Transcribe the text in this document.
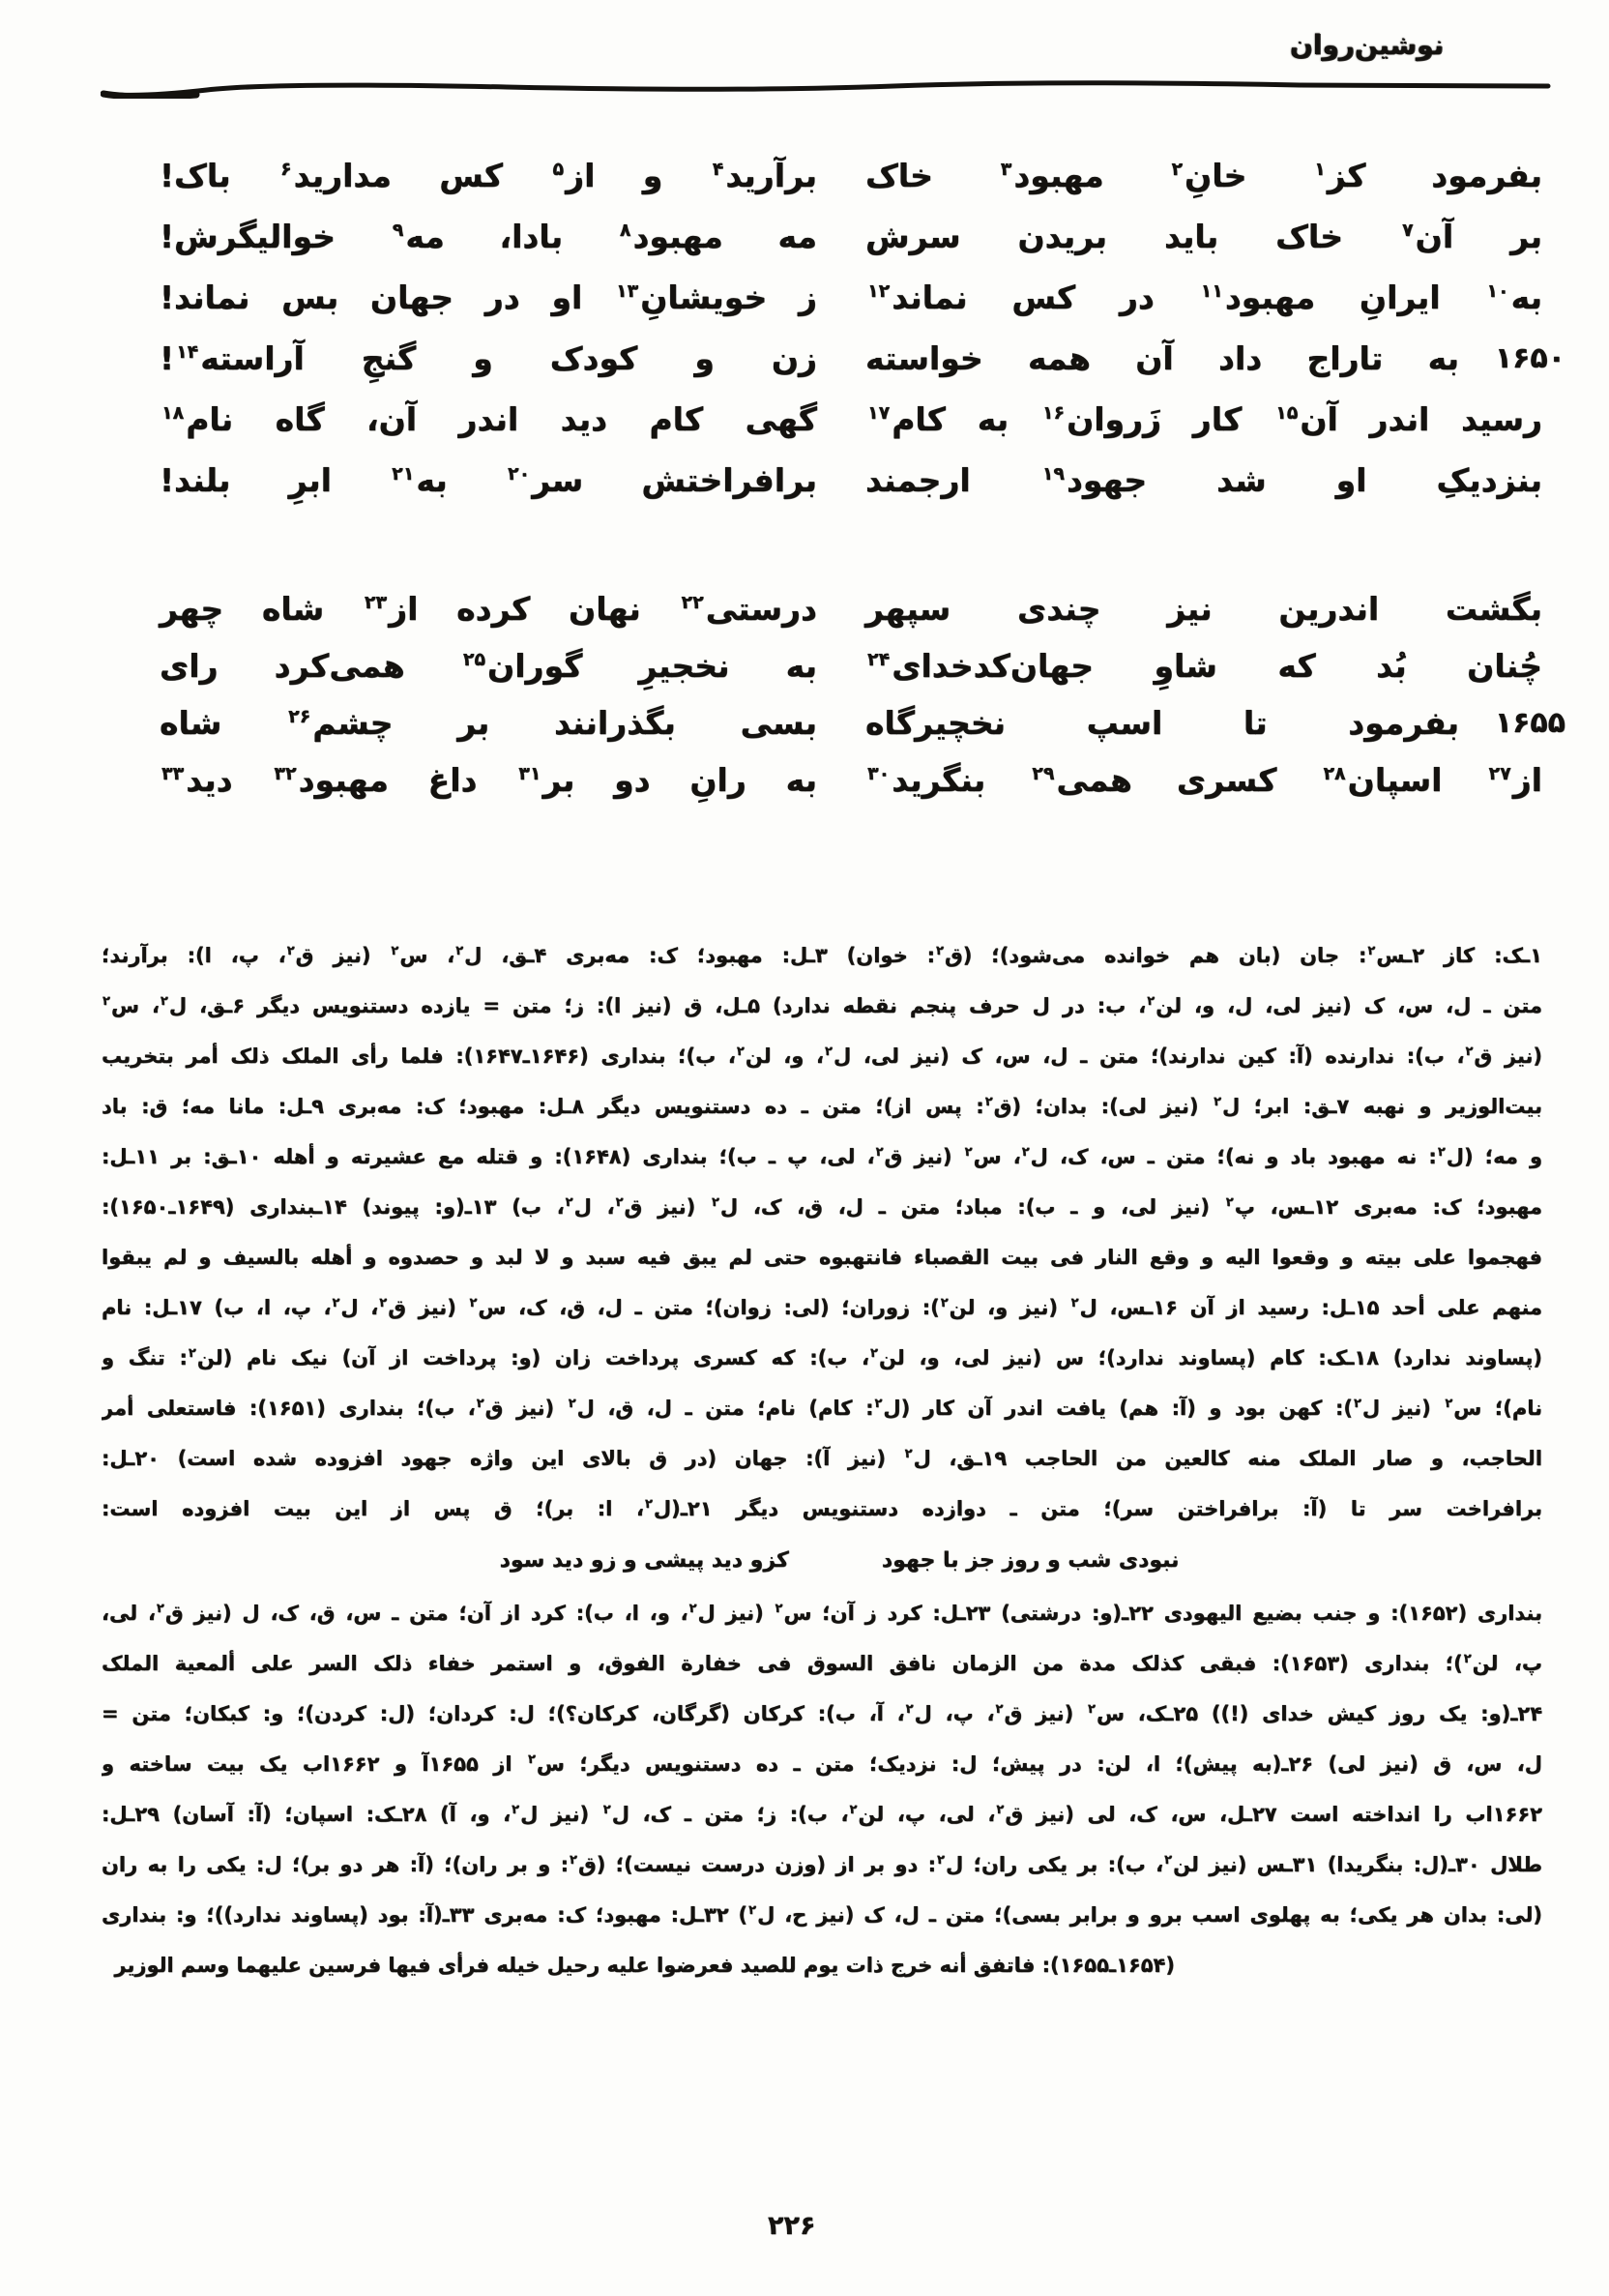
نوشین‌روان
بفرمود کز$^۱$ خانِ$^۲$ مهبود$^۳$ خاک
برآرید$^۴$ و از$^۵$ کس مدارید$^۶$ باک!
بر آن$^۷$ خاک باید بریدن سرش
مه مهبود$^۸$ بادا، مه$^۹$ خوالیگرش!
به$^{۱۰}$ ایرانِ مهبود$^{۱۱}$ در کس نماند$^{۱۲}$
ز خویشانِ$^{۱۳}$ او در جهان بس نماند!
به تاراج داد آن همه خواسته ۱۶۵۰
زن و کودک و گنجِ آراسته$^{۱۴}$!
رسید اندر آن$^{۱۵}$ کار زَروان$^{۱۶}$ به کام$^{۱۷}$
گهی کام دید اندر آن، گاه نام$^{۱۸}$
بنزدیکِ او شد جهود$^{۱۹}$ ارجمند
برافراختش سر$^{۲۰}$ به$^{۲۱}$ ابرِ بلند!
بگشت اندرین نیز چندی سپهر
درستی$^{۲۲}$ نهان کرده از$^{۲۳}$ شاه چهر
چُنان بُد که شاوِ جهان‌کدخدای$^{۲۴}$
به نخجیرِ گوران$^{۲۵}$ همی‌کرد رای
بفرمود تا اسپ نخچیرگاه ۱۶۵۵
بسی بگذرانند بر چشم$^{۲۶}$ شاه
از$^{۲۷}$ اسپان$^{۲۸}$ کسری همی$^{۲۹}$ بنگرید$^{۳۰}$
به رانِ دو بر$^{۳۱}$ داغ مهبود$^{۳۲}$ دید$^{۳۳}$
۱ـک: کاز ۲ـس$^۲$: جان (بان هم خوانده می‌شود)؛ (ق$^۲$: خوان) ۳ـل: مهبود؛ ک: مه‌بری ۴ـق، ل$^۲$، س$^۲$ (نیز ق$^۲$، پ، ا): برآرند؛
متن ـ ل، س، ک (نیز لی، ل، و، لن$^۲$، ب: در ل حرف پنجم نقطه ندارد) ۵ـل، ق (نیز ا): ز؛ متن = یازده دستنویس دیگر ۶ـق، ل$^۲$، س$^۲$
(نیز ق$^۲$، ب): ندارنده (آ: کین ندارند)؛ متن ـ ل، س، ک (نیز لی، ل$^۲$، و، لن$^۲$، ب)؛ بنداری (۱۶۴۶ـ۱۶۴۷): فلما رأی الملک ذلک أمر بتخریب
بیت‌الوزیر و نهبه ۷ـق: ابر؛ ل$^۲$ (نیز لی): بدان؛ (ق$^۲$: پس از)؛ متن ـ ده دستنویس دیگر ۸ـل: مهبود؛ ک: مه‌بری ۹ـل: مانا مه؛ ق: باد
و مه؛ (ل$^۲$: نه مهبود باد و نه)؛ متن ـ س، ک، ل$^۲$، س$^۲$ (نیز ق$^۲$، لی، پ ـ ب)؛ بنداری (۱۶۴۸): و قتله مع عشیرته و أهله ۱۰ـق: بر ۱۱ـل:
مهبود؛ ک: مه‌بری ۱۲ـس، پ$^۲$ (نیز لی، و ـ ب): مباد؛ متن ـ ل، ق، ک، ل$^۲$ (نیز ق$^۲$، ل$^۲$، ب) ۱۳ـ(و: پیوند) ۱۴ـبنداری (۱۶۴۹ـ۱۶۵۰):
فهجموا علی بیته و وقعوا الیه و وقع النار فی بیت القصباء فانتهبوه حتی لم یبق فیه سبد و لا لبد و حصدوه و أهله بالسیف و لم یبقوا
منهم علی أحد ۱۵ـل: رسید از آن ۱۶ـس، ل$^۲$ (نیز و، لن$^۲$): زوران؛ (لی: زوان)؛ متن ـ ل، ق، ک، س$^۲$ (نیز ق$^۲$، ل$^۲$، پ، ا، ب) ۱۷ـل: نام
(پساوند ندارد) ۱۸ـک: کام (پساوند ندارد)؛ س (نیز لی، و، لن$^۲$، ب): که کسری پرداخت زان (و: پرداخت از آن) نیک نام (لن$^۲$: تنگ و
نام)؛ س$^۲$ (نیز ل$^۲$): کهن بود و (آ: هم) یافت اندر آن کار (ل$^۲$: کام) نام؛ متن ـ ل، ق، ل$^۲$ (نیز ق$^۲$، ب)؛ بنداری (۱۶۵۱): فاستعلی أمر
الحاجب، و صار الملک منه کالعین من الحاجب ۱۹ـق، ل$^۲$ (نیز آ): جهان (در ق بالای این واژه جهود افزوده شده است) ۲۰ـل:
برافراخت سر تا (آ: برافراختن سر)؛ متن ـ دوازده دستنویس دیگر ۲۱ـ(ل$^۲$، ا: بر)؛ ق پس از این بیت افزوده است:
نبودی شب و روز جز با جهود
کزو دید پیشی و زو دید سود
بنداری (۱۶۵۲): و جنب بضیع الیهودی ۲۲ـ(و: درشتی) ۲۳ـل: کرد ز آن؛ س$^۲$ (نیز ل$^۲$، و، ا، ب): کرد از آن؛ متن ـ س، ق، ک، ل (نیز ق$^۲$، لی،
پ، لن$^۲$)؛ بنداری (۱۶۵۳): فبقی کذلک مدة من الزمان نافق السوق فی خفارة الفوق، و استمر خفاء ذلک السر علی ألمعیة الملک
۲۴ـ(و: یک روز کیش خدای (!)) ۲۵ـک، س$^۲$ (نیز ق$^۲$، پ، ل$^۲$، آ، ب): کرکان (گرگان، کرکان؟)؛ ل: کردان؛ (ل: کردن)؛ و: کبکان؛ متن =
ل، س، ق (نیز لی) ۲۶ـ(به پیش)؛ ا، لن: در پیش؛ ل: نزدیک؛ متن ـ ده دستنویس دیگر؛ س$^۲$ از ۱۶۵۵آ و ۱۶۶۲اب یک بیت ساخته و
۱۶۶۲اب را انداخته است ۲۷ـل، س، ک، لی (نیز ق$^۲$، لی، پ، لن$^۲$، ب): ز؛ متن ـ ک، ل$^۲$ (نیز ل$^۲$، و، آ) ۲۸ـک: اسپان؛ (آ: آسان) ۲۹ـل:
طلال ۳۰ـ(ل: بنگریدا) ۳۱ـس (نیز لن$^۲$، ب): بر یکی ران؛ ل$^۲$: دو بر از (وزن درست نیست)؛ (ق$^۲$: و بر ران)؛ (آ: هر دو بر)؛ ل: یکی را به ران
(لی: بدان هر یکی؛ به پهلوی اسب برو و برابر بسی)؛ متن ـ ل، ک (نیز ح، ل$^۲$) ۳۲ـل: مهبود؛ ک: مه‌بری ۳۳ـ(آ: بود (پساوند ندارد))؛ و: بنداری
(۱۶۵۴ـ۱۶۵۵): فاتفق أنه خرج ذات یوم للصید فعرضوا علیه رحیل خیله فرأی فیها فرسین علیهما وسم الوزیر
۲۲۶
